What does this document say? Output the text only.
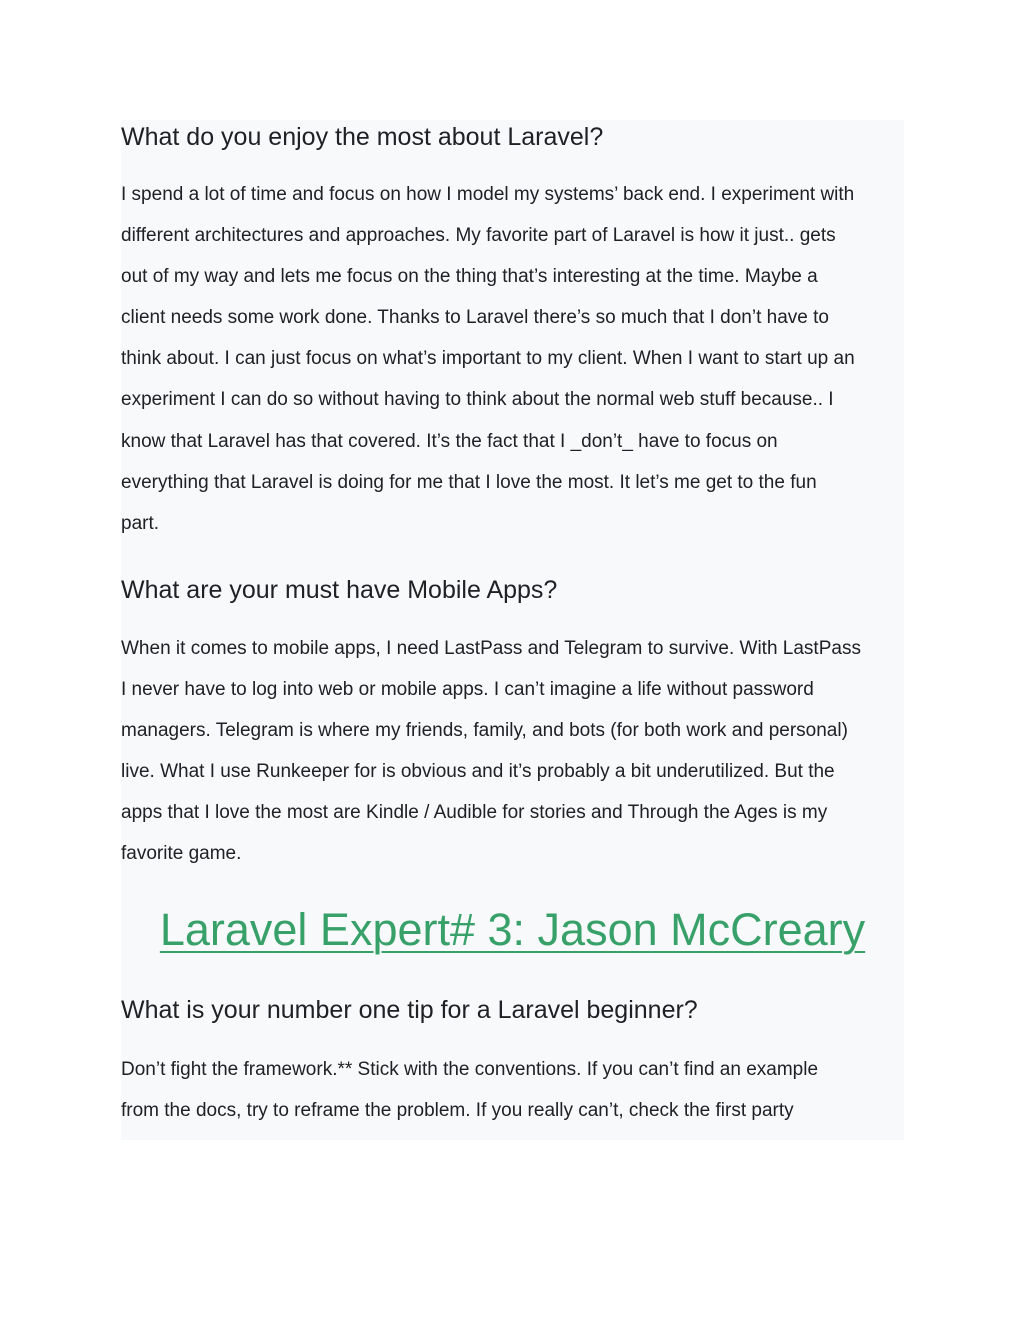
What do you enjoy the most about Laravel?
I spend a lot of time and focus on how I model my systems’ back end. I experiment with
different architectures and approaches. My favorite part of Laravel is how it just.. gets
out of my way and lets me focus on the thing that’s interesting at the time. Maybe a
client needs some work done. Thanks to Laravel there’s so much that I don’t have to
think about. I can just focus on what’s important to my client. When I want to start up an
experiment I can do so without having to think about the normal web stuff because.. I
know that Laravel has that covered. It’s the fact that I _don’t_ have to focus on
everything that Laravel is doing for me that I love the most. It let’s me get to the fun
part.
What are your must have Mobile Apps?
When it comes to mobile apps, I need LastPass and Telegram to survive. With LastPass
I never have to log into web or mobile apps. I can’t imagine a life without password
managers. Telegram is where my friends, family, and bots (for both work and personal)
live. What I use Runkeeper for is obvious and it’s probably a bit underutilized. But the
apps that I love the most are Kindle / Audible for stories and Through the Ages is my
favorite game.
Laravel Expert# 3: Jason McCreary
What is your number one tip for a Laravel beginner?
Don’t fight the framework.** Stick with the conventions. If you can’t find an example
from the docs, try to reframe the problem. If you really can’t, check the first party
